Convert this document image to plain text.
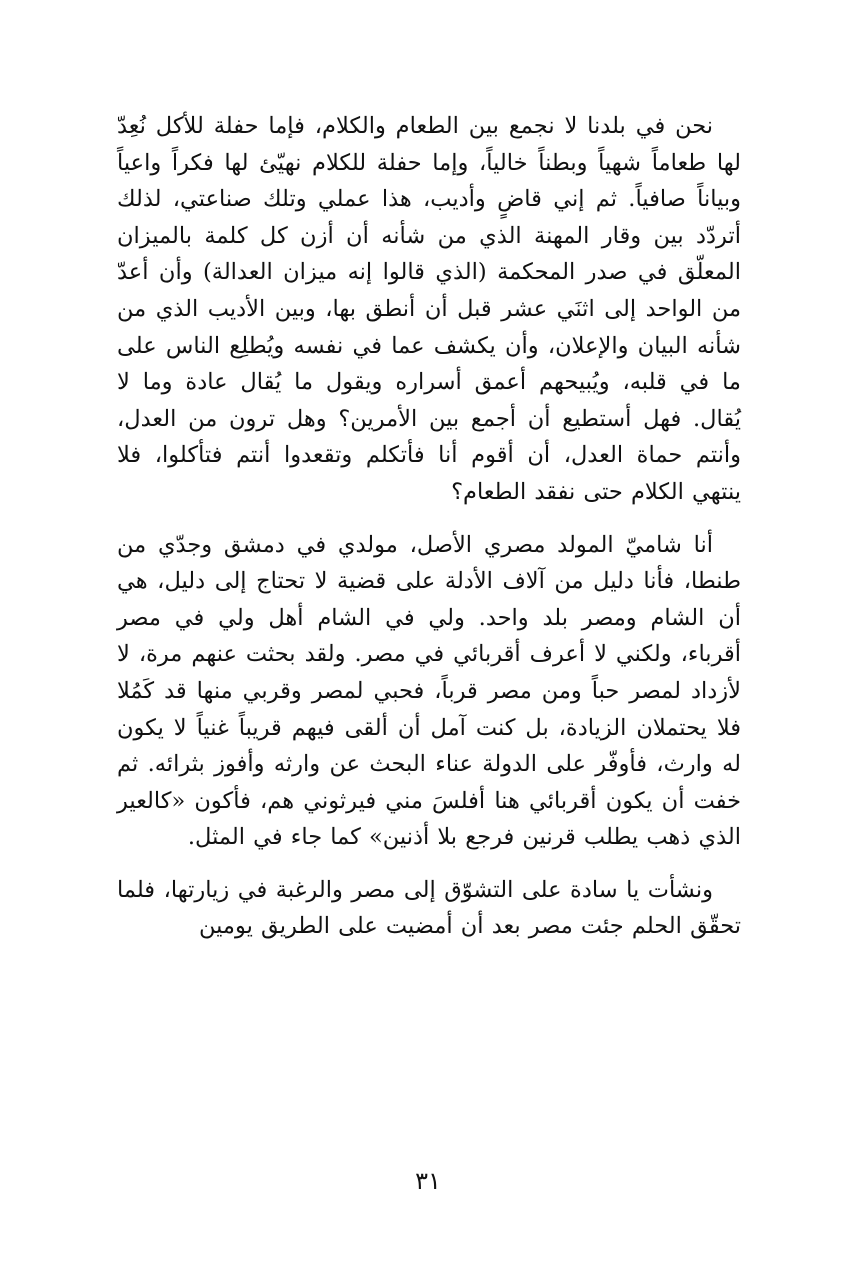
نحن في بلدنا لا نجمع بين الطعام والكلام، فإما حفلة للأكل نُعِدّ لها طعاماً شهياً وبطناً خالياً، وإما حفلة للكلام نهيّئ لها فكراً واعياً وبياناً صافياً. ثم إني قاضٍ وأديب، هذا عملي وتلك صناعتي، لذلك أتردّد بين وقار المهنة الذي من شأنه أن أزن كل كلمة بالميزان المعلّق في صدر المحكمة (الذي قالوا إنه ميزان العدالة) وأن أعدّ من الواحد إلى اثنَي عشر قبل أن أنطق بها، وبين الأديب الذي من شأنه البيان والإعلان، وأن يكشف عما في نفسه ويُطلِع الناس على ما في قلبه، ويُبيحهم أعمق أسراره ويقول ما يُقال عادة وما لا يُقال. فهل أستطيع أن أجمع بين الأمرين؟ وهل ترون من العدل، وأنتم حماة العدل، أن أقوم أنا فأتكلم وتقعدوا أنتم فتأكلوا، فلا ينتهي الكلام حتى نفقد الطعام؟

أنا شاميّ المولد مصري الأصل، مولدي في دمشق وجدّي من طنطا، فأنا دليل من آلاف الأدلة على قضية لا تحتاج إلى دليل، هي أن الشام ومصر بلد واحد. ولي في الشام أهل ولي في مصر أقرباء، ولكني لا أعرف أقربائي في مصر. ولقد بحثت عنهم مرة، لا لأزداد لمصر حباً ومن مصر قرباً، فحبي لمصر وقربي منها قد كَمُلا فلا يحتملان الزيادة، بل كنت آمل أن ألقى فيهم قريباً غنياً لا يكون له وارث، فأوفّر على الدولة عناء البحث عن وارثه وأفوز بثرائه. ثم خفت أن يكون أقربائي هنا أفلسَ مني فيرثوني هم، فأكون «كالعير الذي ذهب يطلب قرنين فرجع بلا أذنين» كما جاء في المثل.

ونشأت يا سادة على التشوّق إلى مصر والرغبة في زيارتها، فلما تحقّق الحلم جئت مصر بعد أن أمضيت على الطريق يومين

٣١
